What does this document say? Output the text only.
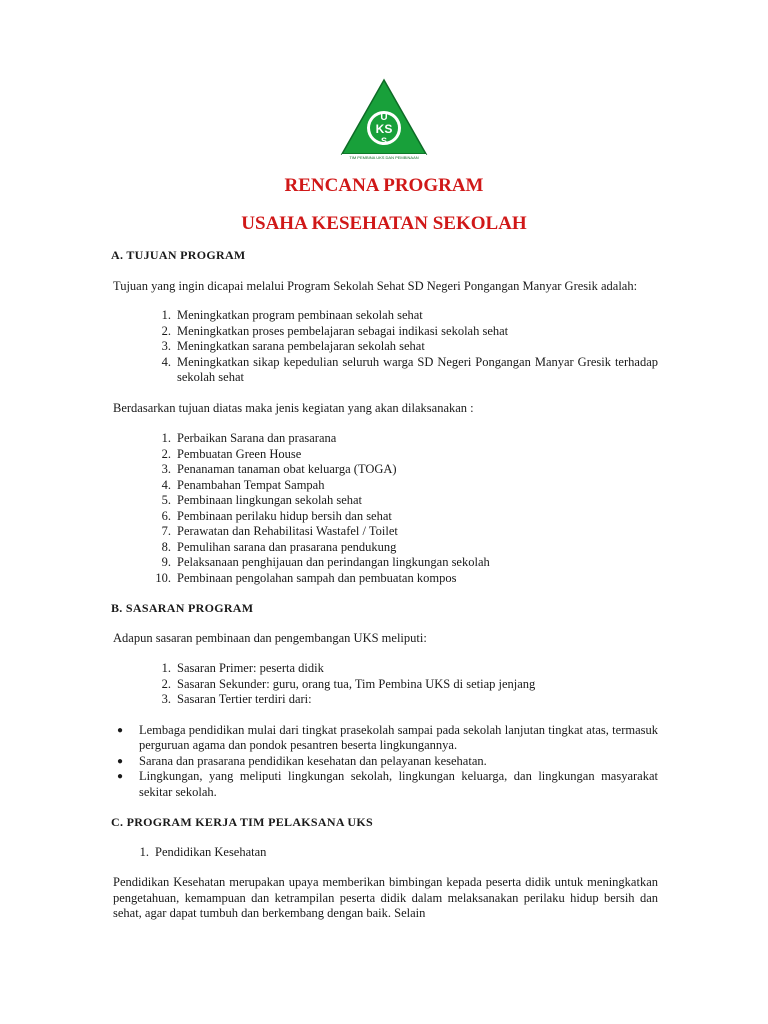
U
KS
S
TIM PEMBINA UKS DAN PEMBINAAN
RENCANA PROGRAM
USAHA KESEHATAN SEKOLAH

A. TUJUAN PROGRAM

Tujuan yang ingin dicapai melalui Program Sekolah Sehat SD Negeri Pongangan Manyar Gresik adalah:

1. Meningkatkan program pembinaan sekolah sehat
2. Meningkatkan proses pembelajaran sebagai indikasi sekolah sehat
3. Meningkatkan sarana pembelajaran sekolah sehat
4. Meningkatkan sikap kepedulian seluruh warga SD Negeri Pongangan Manyar Gresik terhadap sekolah sehat

Berdasarkan tujuan diatas maka jenis kegiatan yang akan dilaksanakan :

1. Perbaikan Sarana dan prasarana
2. Pembuatan Green House
3. Penanaman tanaman obat keluarga (TOGA)
4. Penambahan Tempat Sampah
5. Pembinaan lingkungan sekolah sehat
6. Pembinaan perilaku hidup bersih dan sehat
7. Perawatan dan Rehabilitasi Wastafel / Toilet
8. Pemulihan sarana dan prasarana pendukung
9. Pelaksanaan penghijauan dan perindangan lingkungan sekolah
10. Pembinaan pengolahan sampah dan pembuatan kompos

B. SASARAN PROGRAM

Adapun sasaran pembinaan dan pengembangan UKS meliputi:

1. Sasaran Primer: peserta didik
2. Sasaran Sekunder: guru, orang tua, Tim Pembina UKS di setiap jenjang
3. Sasaran Tertier terdiri dari:
●	Lembaga pendidikan mulai dari tingkat prasekolah sampai pada sekolah lanjutan tingkat atas, termasuk perguruan agama dan pondok pesantren beserta lingkungannya.
●	Sarana dan prasarana pendidikan kesehatan dan pelayanan kesehatan.
●	Lingkungan, yang meliputi lingkungan sekolah, lingkungan keluarga, dan lingkungan masyarakat sekitar sekolah.

C. PROGRAM KERJA TIM PELAKSANA UKS

1. Pendidikan Kesehatan

Pendidikan Kesehatan merupakan upaya memberikan bimbingan kepada peserta didik untuk meningkatkan pengetahuan, kemampuan dan ketrampilan peserta didik dalam melaksanakan perilaku hidup bersih dan sehat, agar dapat tumbuh dan berkembang dengan baik. Selain
